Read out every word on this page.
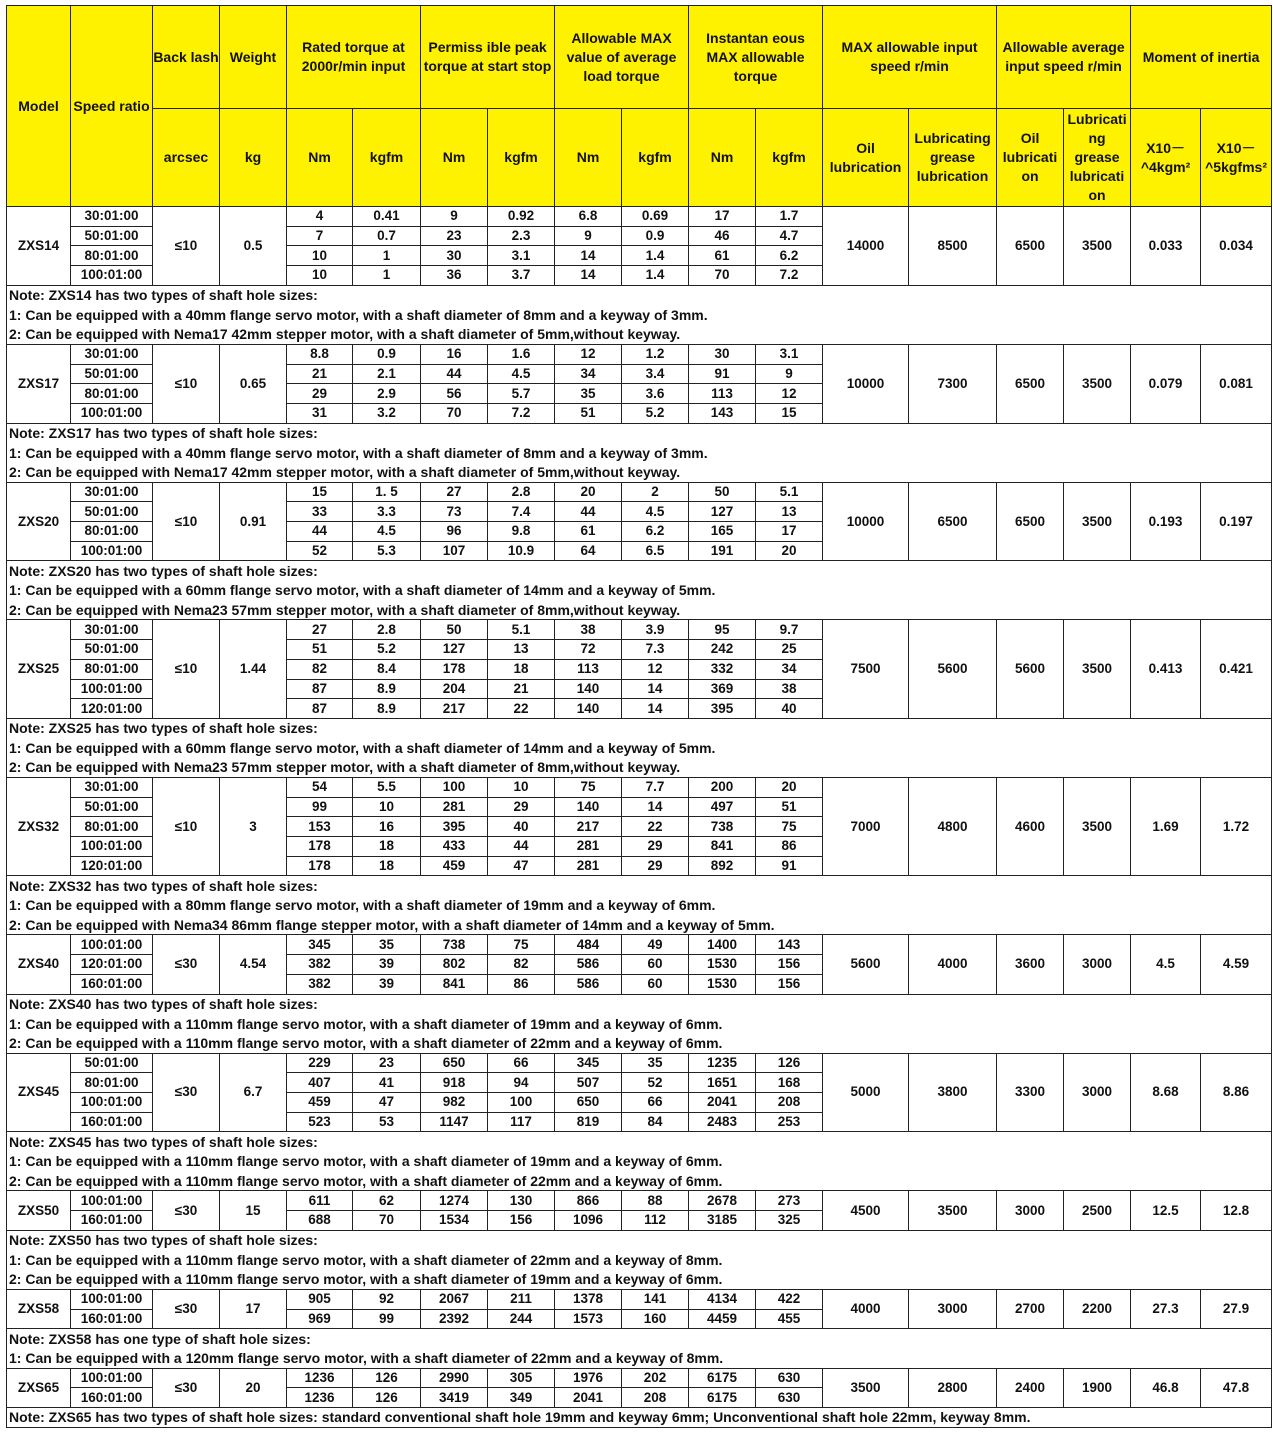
Model	Speed ratio	Back lash	Weight	Rated torque at 2000r/min input		Permiss ible peak torque at start stop		Allowable MAX value of average load torque		Instantan eous MAX allowable torque		MAX allowable input speed r/min		Allowable average input speed r/min		Moment of inertia	
		arcsec	kg	Nm	kgfm	Nm	kgfm	Nm	kgfm	Nm	kgfm	Oil lubrication	Lubricating grease lubrication	Oil lubricati on	Lubricati ng grease lubricati on	X10－^4kgm²	X10－^5kgfms²
ZXS14	30:01:00	≤10	0.5	4	0.41	9	0.92	6.8	0.69	17	1.7	14000	8500	6500	3500	0.033	0.034
	50:01:00			7	0.7	23	2.3	9	0.9	46	4.7						
	80:01:00			10	1	30	3.1	14	1.4	61	6.2						
	100:01:00			10	1	36	3.7	14	1.4	70	7.2						
Note: ZXS14 has two types of shaft hole sizes:																	
1: Can be equipped with a 40mm flange servo motor, with a shaft diameter of 8mm and a keyway of 3mm.																	
2: Can be equipped with Nema17 42mm stepper motor, with a shaft diameter of 5mm,without keyway.																	
ZXS17	30:01:00	≤10	0.65	8.8	0.9	16	1.6	12	1.2	30	3.1	10000	7300	6500	3500	0.079	0.081
	50:01:00			21	2.1	44	4.5	34	3.4	91	9						
	80:01:00			29	2.9	56	5.7	35	3.6	113	12						
	100:01:00			31	3.2	70	7.2	51	5.2	143	15						
Note: ZXS17 has two types of shaft hole sizes:																	
1: Can be equipped with a 40mm flange servo motor, with a shaft diameter of 8mm and a keyway of 3mm.																	
2: Can be equipped with Nema17 42mm stepper motor, with a shaft diameter of 5mm,without keyway.																	
ZXS20	30:01:00	≤10	0.91	15	1. 5	27	2.8	20	2	50	5.1	10000	6500	6500	3500	0.193	0.197
	50:01:00			33	3.3	73	7.4	44	4.5	127	13						
	80:01:00			44	4.5	96	9.8	61	6.2	165	17						
	100:01:00			52	5.3	107	10.9	64	6.5	191	20						
Note: ZXS20 has two types of shaft hole sizes:																	
1: Can be equipped with a 60mm flange servo motor, with a shaft diameter of 14mm and a keyway of 5mm.																	
2: Can be equipped with Nema23 57mm stepper motor, with a shaft diameter of 8mm,without keyway.																	
ZXS25	30:01:00	≤10	1.44	27	2.8	50	5.1	38	3.9	95	9.7	7500	5600	5600	3500	0.413	0.421
	50:01:00			51	5.2	127	13	72	7.3	242	25						
	80:01:00			82	8.4	178	18	113	12	332	34						
	100:01:00			87	8.9	204	21	140	14	369	38						
	120:01:00			87	8.9	217	22	140	14	395	40						
Note: ZXS25 has two types of shaft hole sizes:																	
1: Can be equipped with a 60mm flange servo motor, with a shaft diameter of 14mm and a keyway of 5mm.																	
2: Can be equipped with Nema23 57mm stepper motor, with a shaft diameter of 8mm,without keyway.																	
ZXS32	30:01:00	≤10	3	54	5.5	100	10	75	7.7	200	20	7000	4800	4600	3500	1.69	1.72
	50:01:00			99	10	281	29	140	14	497	51						
	80:01:00			153	16	395	40	217	22	738	75						
	100:01:00			178	18	433	44	281	29	841	86						
	120:01:00			178	18	459	47	281	29	892	91						
Note: ZXS32 has two types of shaft hole sizes:																	
1: Can be equipped with a 80mm flange servo motor, with a shaft diameter of 19mm and a keyway of 6mm.																	
2: Can be equipped with Nema34 86mm flange stepper motor, with a shaft diameter of 14mm and a keyway of 5mm.																	
ZXS40	100:01:00	≤30	4.54	345	35	738	75	484	49	1400	143	5600	4000	3600	3000	4.5	4.59
	120:01:00			382	39	802	82	586	60	1530	156						
	160:01:00			382	39	841	86	586	60	1530	156						
Note: ZXS40 has two types of shaft hole sizes:																	
1: Can be equipped with a 110mm flange servo motor, with a shaft diameter of 19mm and a keyway of 6mm.																	
2: Can be equipped with a 110mm flange servo motor, with a shaft diameter of 22mm and a keyway of 6mm.																	
ZXS45	50:01:00	≤30	6.7	229	23	650	66	345	35	1235	126	5000	3800	3300	3000	8.68	8.86
	80:01:00			407	41	918	94	507	52	1651	168						
	100:01:00			459	47	982	100	650	66	2041	208						
	160:01:00			523	53	1147	117	819	84	2483	253						
Note: ZXS45 has two types of shaft hole sizes:																	
1: Can be equipped with a 110mm flange servo motor, with a shaft diameter of 19mm and a keyway of 6mm.																	
2: Can be equipped with a 110mm flange servo motor, with a shaft diameter of 22mm and a keyway of 6mm.																	
ZXS50	100:01:00	≤30	15	611	62	1274	130	866	88	2678	273	4500	3500	3000	2500	12.5	12.8
	160:01:00			688	70	1534	156	1096	112	3185	325						
Note: ZXS50 has two types of shaft hole sizes:																	
1: Can be equipped with a 110mm flange servo motor, with a shaft diameter of 22mm and a keyway of 8mm.																	
2: Can be equipped with a 110mm flange servo motor, with a shaft diameter of 19mm and a keyway of 6mm.																	
ZXS58	100:01:00	≤30	17	905	92	2067	211	1378	141	4134	422	4000	3000	2700	2200	27.3	27.9
	160:01:00			969	99	2392	244	1573	160	4459	455						
Note: ZXS58 has one type of shaft hole sizes:																	
1: Can be equipped with a 120mm flange servo motor, with a shaft diameter of 22mm and a keyway of 8mm.																	
ZXS65	100:01:00	≤30	20	1236	126	2990	305	1976	202	6175	630	3500	2800	2400	1900	46.8	47.8
	160:01:00			1236	126	3419	349	2041	208	6175	630						
Note: ZXS65 has two types of shaft hole sizes: standard conventional shaft hole 19mm and keyway 6mm; Unconventional shaft hole 22mm, keyway 8mm.																	
